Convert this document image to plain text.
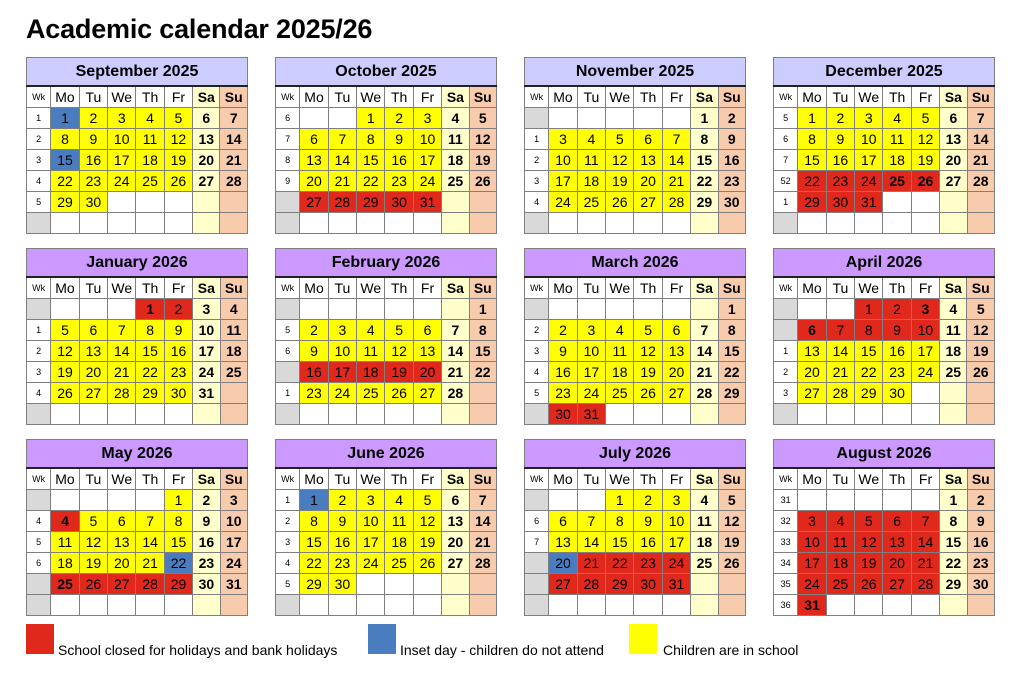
Academic calendar 2025/26
September 2025							
Wk	Mo	Tu	We	Th	Fr	Sa	Su
1	1	2	3	4	5	6	7
2	8	9	10	11	12	13	14
3	15	16	17	18	19	20	21
4	22	23	24	25	26	27	28
5	29	30					

October 2025							
Wk	Mo	Tu	We	Th	Fr	Sa	Su
6			1	2	3	4	5
7	6	7	8	9	10	11	12
8	13	14	15	16	17	18	19
9	20	21	22	23	24	25	26
	27	28	29	30	31		

November 2025							
Wk	Mo	Tu	We	Th	Fr	Sa	Su
						1	2
1	3	4	5	6	7	8	9
2	10	11	12	13	14	15	16
3	17	18	19	20	21	22	23
4	24	25	26	27	28	29	30

December 2025							
Wk	Mo	Tu	We	Th	Fr	Sa	Su
5	1	2	3	4	5	6	7
6	8	9	10	11	12	13	14
7	15	16	17	18	19	20	21
52	22	23	24	25	26	27	28
1	29	30	31				

January 2026							
Wk	Mo	Tu	We	Th	Fr	Sa	Su
				1	2	3	4
1	5	6	7	8	9	10	11
2	12	13	14	15	16	17	18
3	19	20	21	22	23	24	25
4	26	27	28	29	30	31	

February 2026							
Wk	Mo	Tu	We	Th	Fr	Sa	Su
							1
5	2	3	4	5	6	7	8
6	9	10	11	12	13	14	15
	16	17	18	19	20	21	22
1	23	24	25	26	27	28	

March 2026							
Wk	Mo	Tu	We	Th	Fr	Sa	Su
							1
2	2	3	4	5	6	7	8
3	9	10	11	12	13	14	15
4	16	17	18	19	20	21	22
5	23	24	25	26	27	28	29
	30	31					
April 2026							
Wk	Mo	Tu	We	Th	Fr	Sa	Su
			1	2	3	4	5
	6	7	8	9	10	11	12
1	13	14	15	16	17	18	19
2	20	21	22	23	24	25	26
3	27	28	29	30			

May 2026							
Wk	Mo	Tu	We	Th	Fr	Sa	Su
					1	2	3
4	4	5	6	7	8	9	10
5	11	12	13	14	15	16	17
6	18	19	20	21	22	23	24
	25	26	27	28	29	30	31

June 2026							
Wk	Mo	Tu	We	Th	Fr	Sa	Su
1	1	2	3	4	5	6	7
2	8	9	10	11	12	13	14
3	15	16	17	18	19	20	21
4	22	23	24	25	26	27	28
5	29	30					

July 2026							
Wk	Mo	Tu	We	Th	Fr	Sa	Su
			1	2	3	4	5
6	6	7	8	9	10	11	12
7	13	14	15	16	17	18	19
	20	21	22	23	24	25	26
	27	28	29	30	31		

August 2026							
Wk	Mo	Tu	We	Th	Fr	Sa	Su
31						1	2
32	3	4	5	6	7	8	9
33	10	11	12	13	14	15	16
34	17	18	19	20	21	22	23
35	24	25	26	27	28	29	30
36	31						
School closed for holidays and bank holidays	Inset day - children do not attend	Children are in school
